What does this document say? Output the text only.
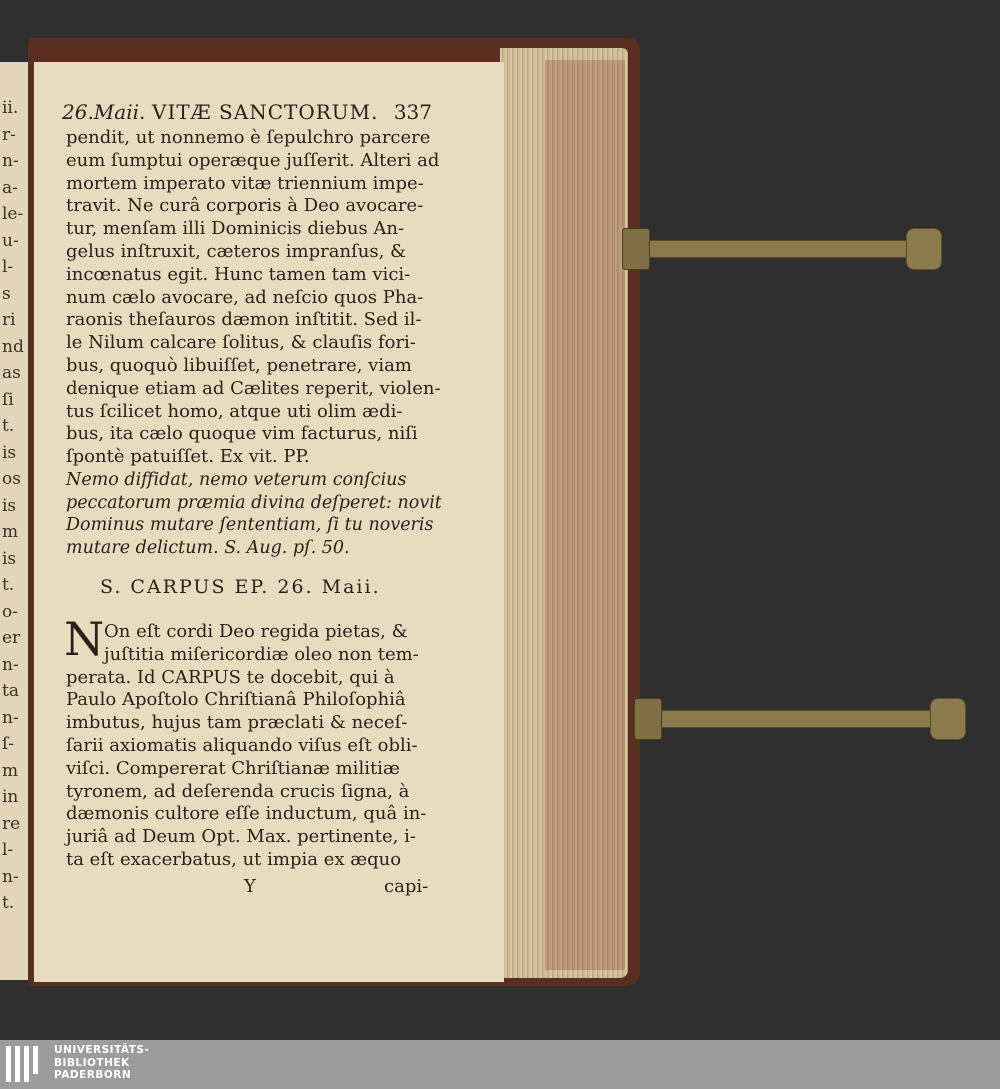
ii.
r-
n-
a-
le-
u-
l-
s
ri
nd
as
ſi
t.
is
os
is
m
is
t.
o-
er
n-
ta
n-
ſ-
m
in
re
l-
n-
t.
26.Maii. VITÆ SANCTORUM. 337
pendit, ut nonnemo è ſepulchro parcere
eum ſumptui operæque juſſerit. Alteri ad
mortem imperato vitæ triennium impe-
travit. Ne curâ corporis à Deo avocare-
tur, menſam illi Dominicis diebus An-
gelus inſtruxit, cæteros impranſus, &
incœnatus egit. Hunc tamen tam vici-
num cælo avocare, ad neſcio quos Pha-
raonis theſauros dæmon inſtitit. Sed il-
le Nilum calcare ſolitus, & clauſis fori-
bus, quoquò libuiſſet, penetrare, viam
denique etiam ad Cælites reperit, violen-
tus ſcilicet homo, atque uti olim ædi-
bus, ita cælo quoque vim facturus, niſi
ſpontè patuiſſet. Ex vit. PP.
Nemo diffidat, nemo veterum conſcius
peccatorum præmia divina deſperet: novit
Dominus mutare ſententiam, ſi tu noveris
mutare delictum. S. Aug. pſ. 50.
S. CARPUS EP. 26. Maii.
N On eſt cordi Deo regida pietas, &
juſtitia miſericordiæ oleo non tem-
perata. Id CARPUS te docebit, qui à
Paulo Apoſtolo Chriſtianâ Philoſophiâ
imbutus, hujus tam præclati & neceſ-
ſarii axiomatis aliquando viſus eſt obli-
viſci. Compererat Chriſtianæ militiæ
tyronem, ad deſerenda crucis ſigna, à
dæmonis cultore eſſe inductum, quâ in-
juriâ ad Deum Opt. Max. pertinente, i-
ta eſt exacerbatus, ut impia ex æquo
Y	capi-
UNIVERSITÄTS-
BIBLIOTHEK
PADERBORN
